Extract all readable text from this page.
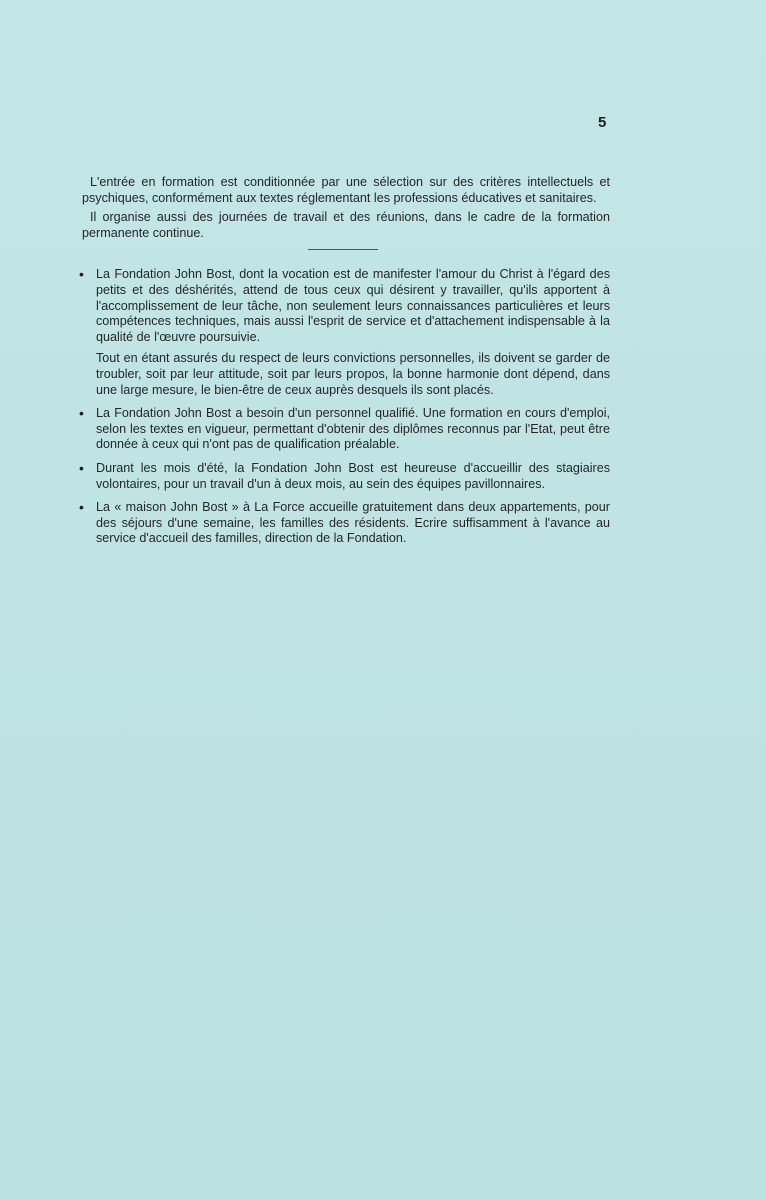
5

L'entrée en formation est conditionnée par une sélection sur des critères intellectuels et psychiques, conformément aux textes réglementant les professions éducatives et sanitaires.

Il organise aussi des journées de travail et des réunions, dans le cadre de la formation permanente continue.

• La Fondation John Bost, dont la vocation est de manifester l'amour du Christ à l'égard des petits et des déshérités, attend de tous ceux qui désirent y travailler, qu'ils apportent à l'accomplissement de leur tâche, non seulement leurs connaissances particulières et leurs compétences techniques, mais aussi l'esprit de service et d'attachement indispensable à la qualité de l'œuvre poursuivie.

Tout en étant assurés du respect de leurs convictions personnelles, ils doivent se garder de troubler, soit par leur attitude, soit par leurs propos, la bonne harmonie dont dépend, dans une large mesure, le bien-être de ceux auprès desquels ils sont placés.

• La Fondation John Bost a besoin d'un personnel qualifié. Une formation en cours d'emploi, selon les textes en vigueur, permettant d'obtenir des diplômes reconnus par l'Etat, peut être donnée à ceux qui n'ont pas de qualification préalable.

• Durant les mois d'été, la Fondation John Bost est heureuse d'accueillir des stagiaires volontaires, pour un travail d'un à deux mois, au sein des équipes pavillonnaires.

• La « maison John Bost » à La Force accueille gratuitement dans deux appartements, pour des séjours d'une semaine, les familles des résidents. Ecrire suffisamment à l'avance au service d'accueil des familles, direction de la Fondation.
